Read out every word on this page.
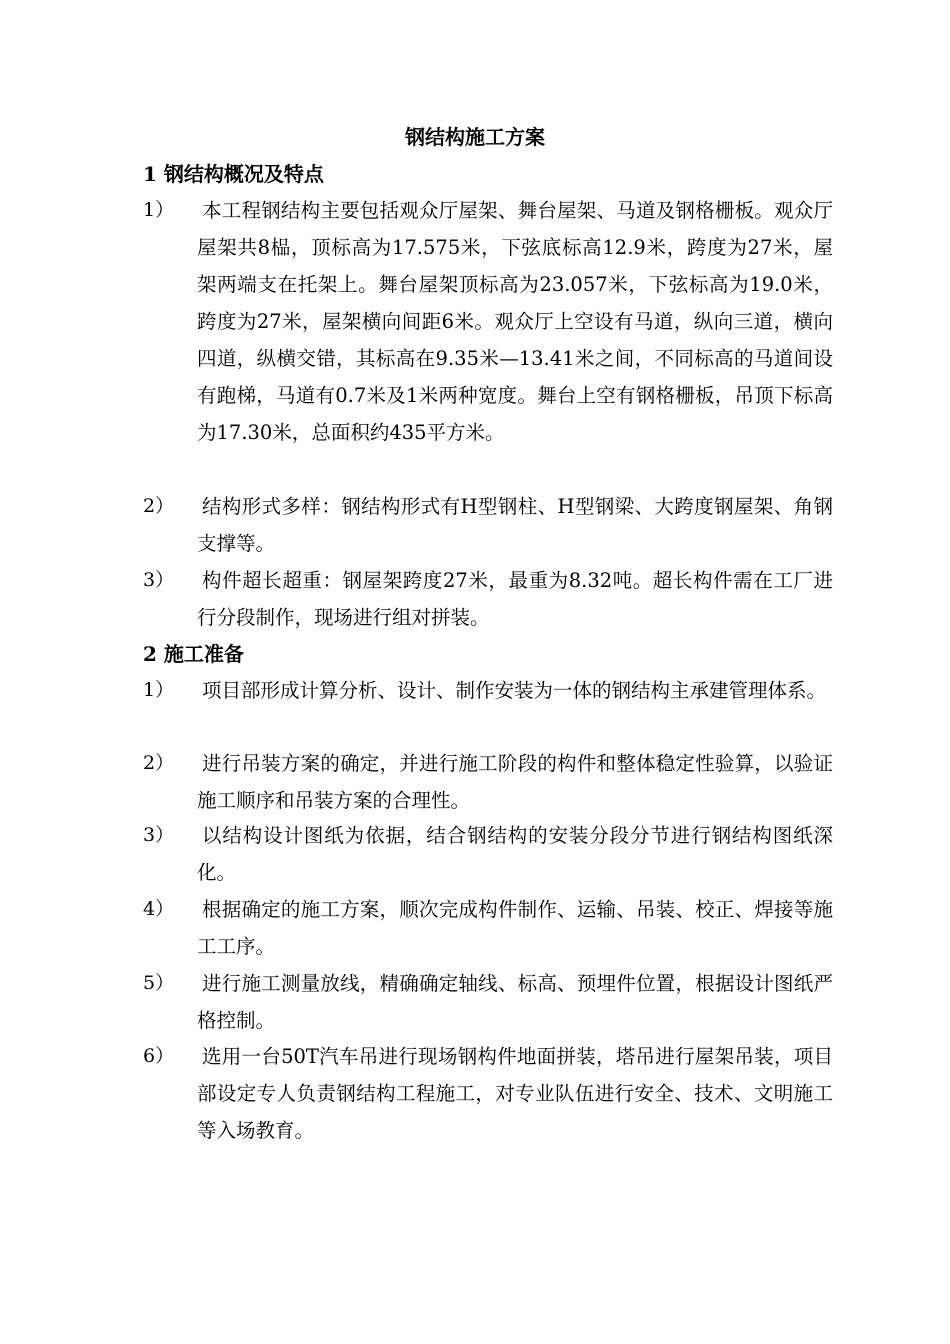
钢结构施工方案
1 钢结构概况及特点
1） 本工程钢结构主要包括观众厅屋架、舞台屋架、马道及钢格栅板。观众厅屋架共8榀，顶标高为17.575米，下弦底标高12.9米，跨度为27米，屋架两端支在托架上。舞台屋架顶标高为23.057米，下弦标高为19.0米，跨度为27米，屋架横向间距6米。观众厅上空设有马道，纵向三道，横向四道，纵横交错，其标高在9.35米—13.41米之间，不同标高的马道间设有跑梯，马道有0.7米及1米两种宽度。舞台上空有钢格栅板，吊顶下标高为17.30米，总面积约435平方米。
2） 结构形式多样：钢结构形式有H型钢柱、H型钢梁、大跨度钢屋架、角钢支撑等。
3） 构件超长超重：钢屋架跨度27米，最重为8.32吨。超长构件需在工厂进行分段制作，现场进行组对拼装。
2 施工准备
1） 项目部形成计算分析、设计、制作安装为一体的钢结构主承建管理体系。
2） 进行吊装方案的确定，并进行施工阶段的构件和整体稳定性验算，以验证施工顺序和吊装方案的合理性。
3） 以结构设计图纸为依据，结合钢结构的安装分段分节进行钢结构图纸深化。
4） 根据确定的施工方案，顺次完成构件制作、运输、吊装、校正、焊接等施工工序。
5） 进行施工测量放线，精确确定轴线、标高、预埋件位置，根据设计图纸严格控制。
6） 选用一台50T汽车吊进行现场钢构件地面拼装，塔吊进行屋架吊装，项目部设定专人负责钢结构工程施工，对专业队伍进行安全、技术、文明施工等入场教育。
